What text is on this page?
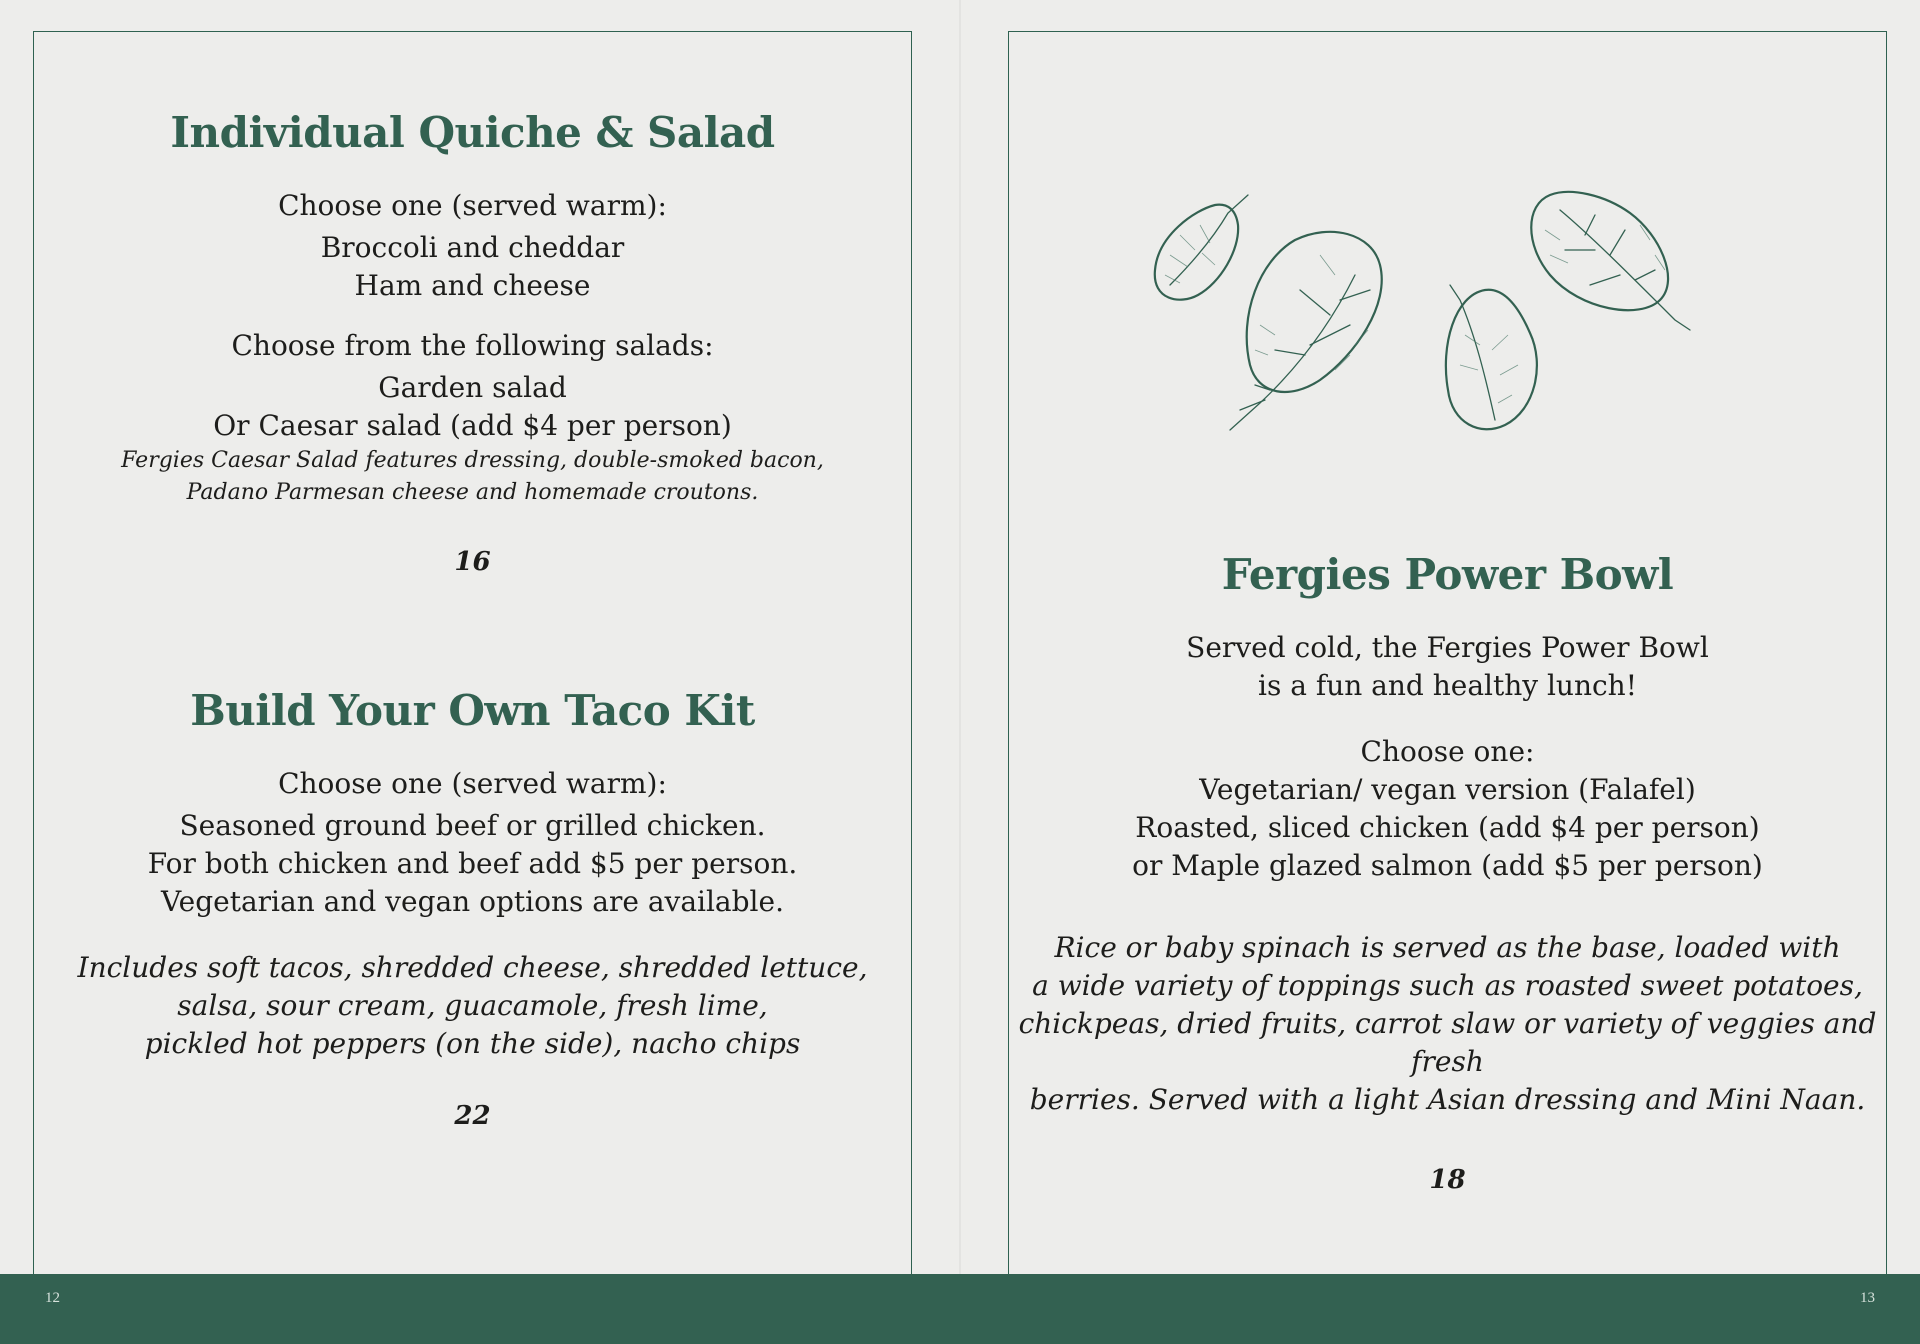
Individual Quiche & Salad

Choose one (served warm):

Broccoli and cheddar

Ham and cheese

Choose from the following salads:

Garden salad

Or Caesar salad (add $4 per person)

Fergies Caesar Salad features dressing, double-smoked bacon,

Padano Parmesan cheese and homemade croutons.

16

Build Your Own Taco Kit

Choose one (served warm):

Seasoned ground beef or grilled chicken.

For both chicken and beef add $5 per person.

Vegetarian and vegan options are available.

Includes soft tacos, shredded cheese, shredded lettuce,

salsa, sour cream, guacamole, fresh lime,

pickled hot peppers (on the side), nacho chips

22

Fergies Power Bowl

Served cold, the Fergies Power Bowl

is a fun and healthy lunch!

Choose one:

Vegetarian/ vegan version (Falafel)

Roasted, sliced chicken (add $4 per person)

or Maple glazed salmon (add $5 per person)

Rice or baby spinach is served as the base, loaded with

a wide variety of toppings such as roasted sweet potatoes,

chickpeas, dried fruits, carrot slaw or variety of veggies and fresh

berries. Served with a light Asian dressing and Mini Naan.

18

12	13
